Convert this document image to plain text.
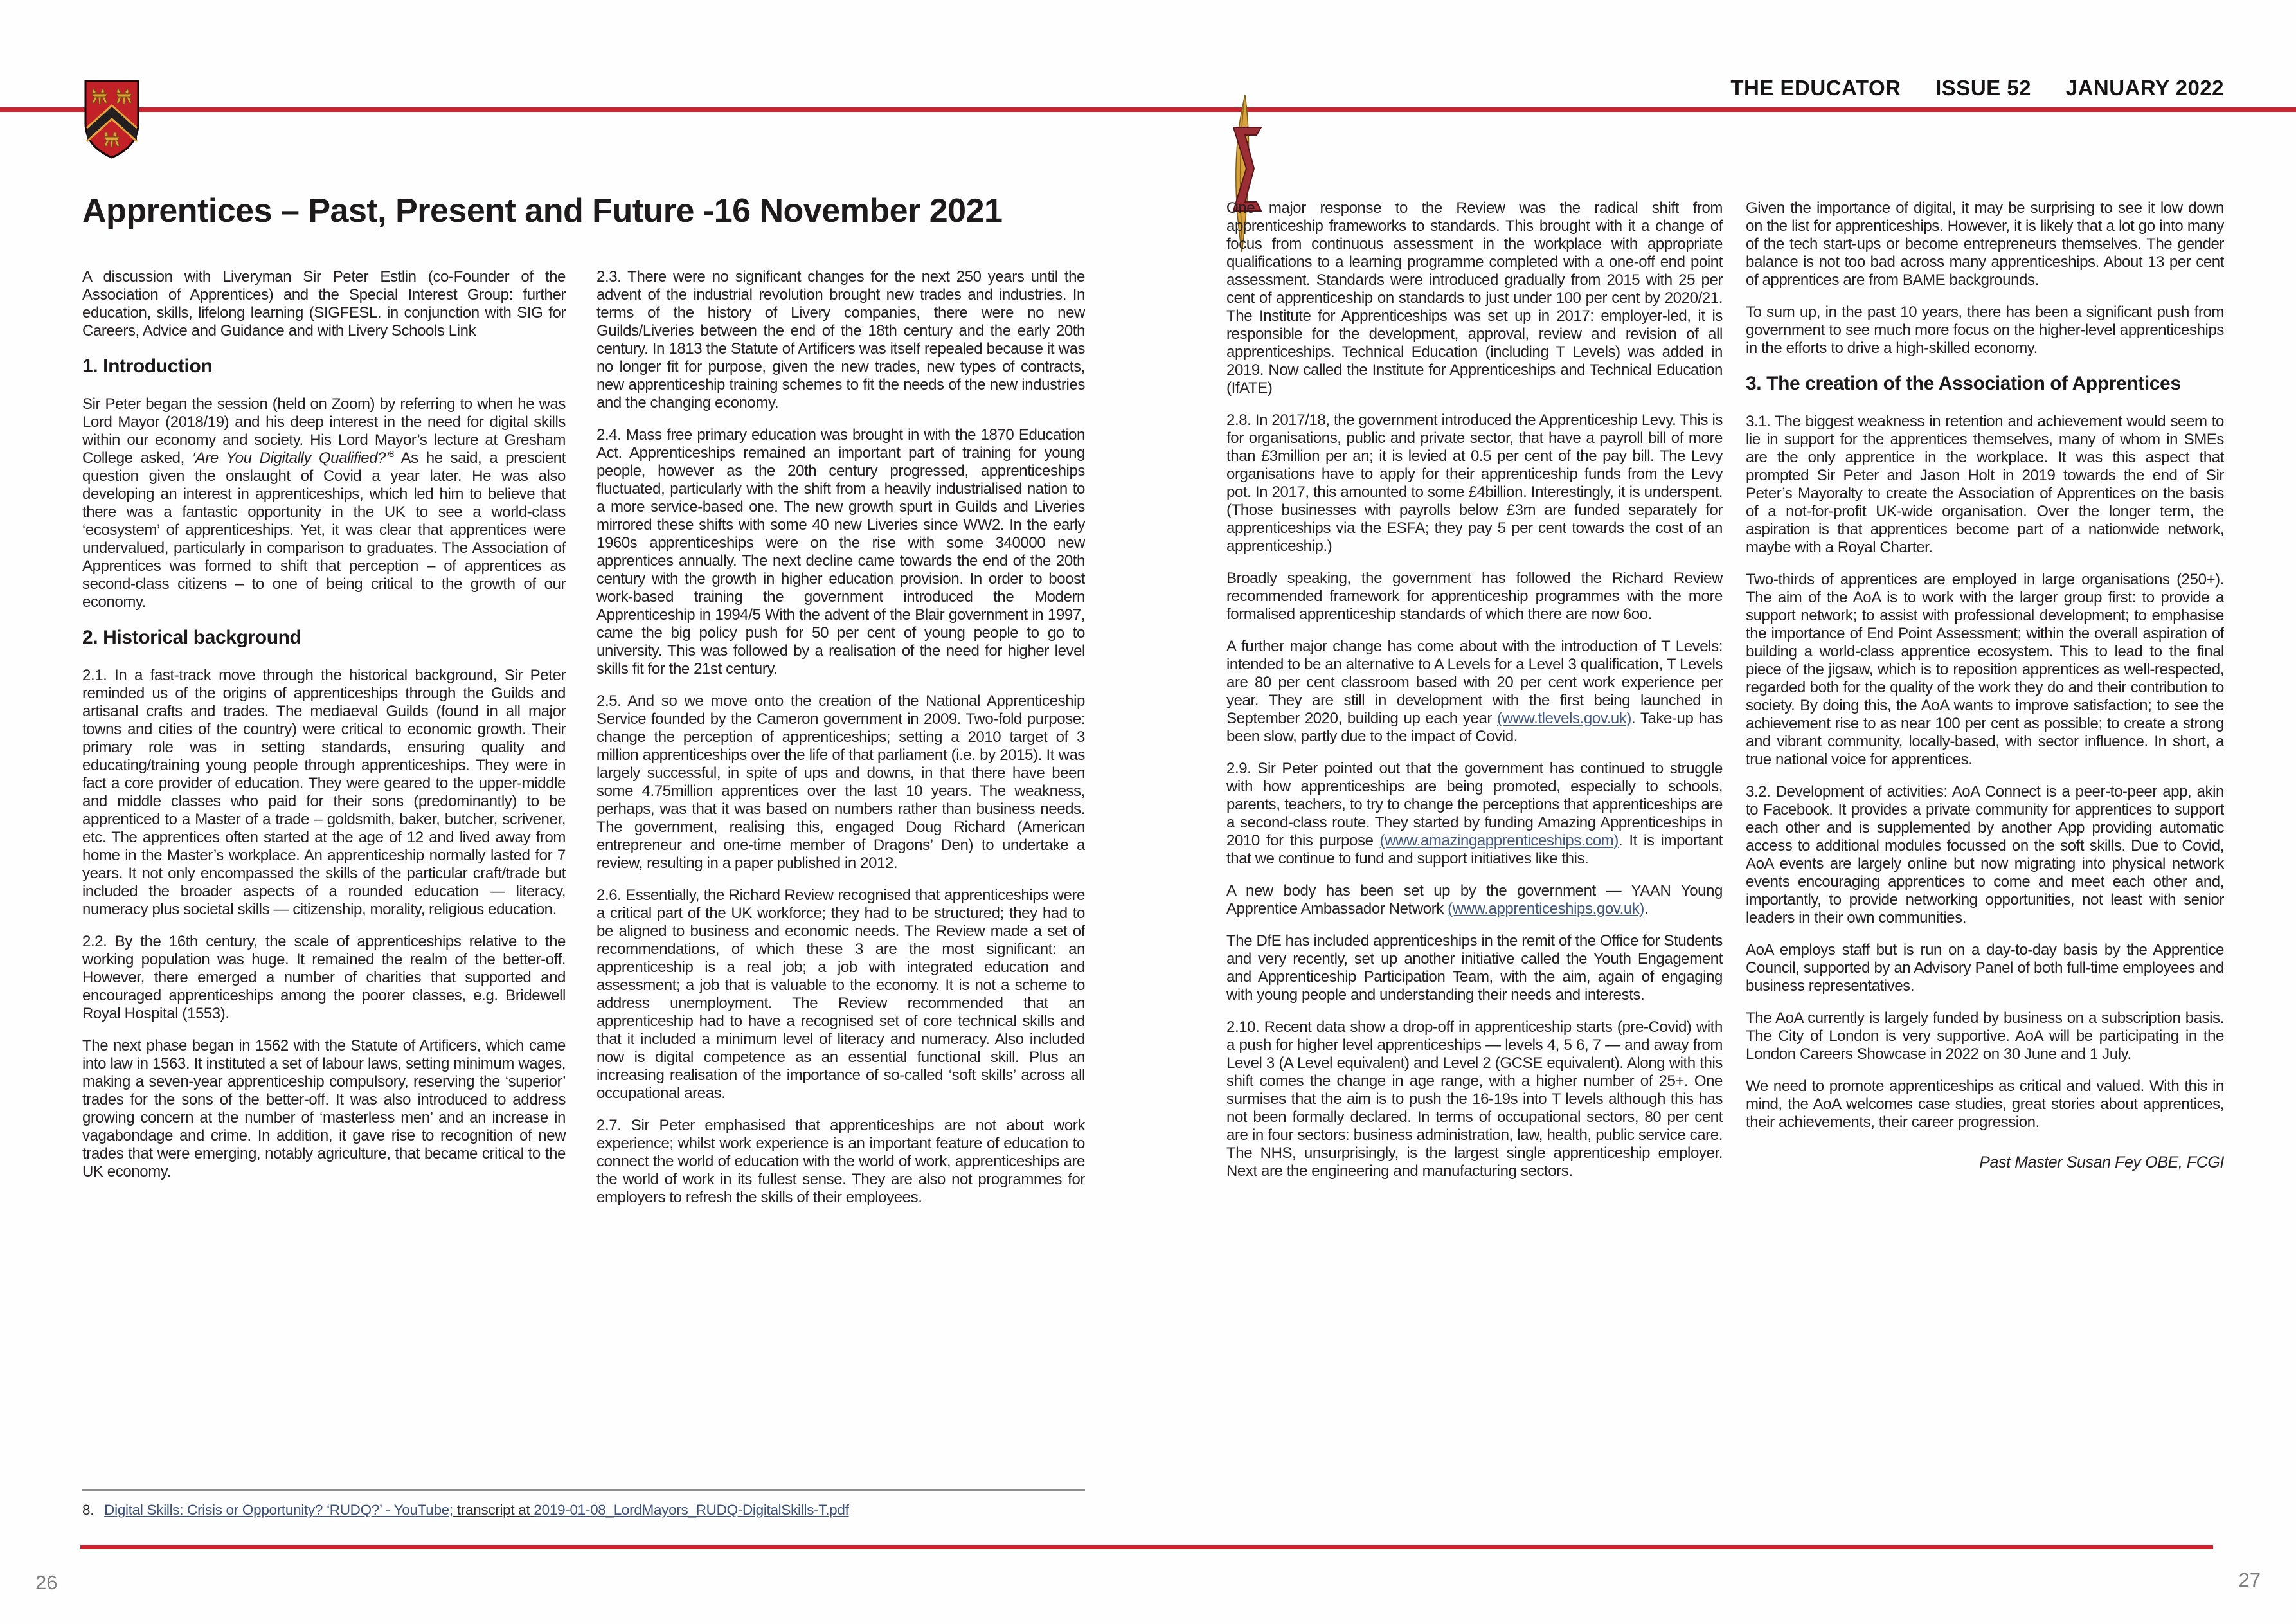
THE EDUCATOR ISSUE 52 JANUARY 2022
Apprentices – Past, Present and Future -16 November 2021

A discussion with Liveryman Sir Peter Estlin (co-Founder of the Association of Apprentices) and the Special Interest Group: further education, skills, lifelong learning (SIGFESL. in conjunction with SIG for Careers, Advice and Guidance and with Livery Schools Link

1. Introduction

Sir Peter began the session (held on Zoom) by referring to when he was Lord Mayor (2018/19) and his deep interest in the need for digital skills within our economy and society. His Lord Mayor’s lecture at Gresham College asked, ‘Are You Digitally Qualified?’$^8$ As he said, a prescient question given the onslaught of Covid a year later. He was also developing an interest in apprenticeships, which led him to believe that there was a fantastic opportunity in the UK to see a world-class ‘ecosystem’ of apprenticeships. Yet, it was clear that apprentices were undervalued, particularly in comparison to graduates. The Association of Apprentices was formed to shift that perception – of apprentices as second-class citizens – to one of being critical to the growth of our economy.

2. Historical background

2.1. In a fast-track move through the historical background, Sir Peter reminded us of the origins of apprenticeships through the Guilds and artisanal crafts and trades. The mediaeval Guilds (found in all major towns and cities of the country) were critical to economic growth. Their primary role was in setting standards, ensuring quality and educating/training young people through apprenticeships. They were in fact a core provider of education. They were geared to the upper-middle and middle classes who paid for their sons (predominantly) to be apprenticed to a Master of a trade – goldsmith, baker, butcher, scrivener, etc. The apprentices often started at the age of 12 and lived away from home in the Master’s workplace. An apprenticeship normally lasted for 7 years. It not only encompassed the skills of the particular craft/trade but included the broader aspects of a rounded education — literacy, numeracy plus societal skills — citizenship, morality, religious education.

2.2. By the 16th century, the scale of apprenticeships relative to the working population was huge. It remained the realm of the better-off. However, there emerged a number of charities that supported and encouraged apprenticeships among the poorer classes, e.g. Bridewell Royal Hospital (1553).

The next phase began in 1562 with the Statute of Artificers, which came into law in 1563. It instituted a set of labour laws, setting minimum wages, making a seven-year apprenticeship compulsory, reserving the ‘superior’ trades for the sons of the better-off. It was also introduced to address growing concern at the number of ‘masterless men’ and an increase in vagabondage and crime. In addition, it gave rise to recognition of new trades that were emerging, notably agriculture, that became critical to the UK economy.

2.3. There were no significant changes for the next 250 years until the advent of the industrial revolution brought new trades and industries. In terms of the history of Livery companies, there were no new Guilds/Liveries between the end of the 18th century and the early 20th century. In 1813 the Statute of Artificers was itself repealed because it was no longer fit for purpose, given the new trades, new types of contracts, new apprenticeship training schemes to fit the needs of the new industries and the changing economy.

2.4. Mass free primary education was brought in with the 1870 Education Act. Apprenticeships remained an important part of training for young people, however as the 20th century progressed, apprenticeships fluctuated, particularly with the shift from a heavily industrialised nation to a more service-based one. The new growth spurt in Guilds and Liveries mirrored these shifts with some 40 new Liveries since WW2. In the early 1960s apprenticeships were on the rise with some 340000 new apprentices annually. The next decline came towards the end of the 20th century with the growth in higher education provision. In order to boost work-based training the government introduced the Modern Apprenticeship in 1994/5 With the advent of the Blair government in 1997, came the big policy push for 50 per cent of young people to go to university. This was followed by a realisation of the need for higher level skills fit for the 21st century.

2.5. And so we move onto the creation of the National Apprenticeship Service founded by the Cameron government in 2009. Two-fold purpose: change the perception of apprenticeships; setting a 2010 target of 3 million apprenticeships over the life of that parliament (i.e. by 2015). It was largely successful, in spite of ups and downs, in that there have been some 4.75million apprentices over the last 10 years. The weakness, perhaps, was that it was based on numbers rather than business needs. The government, realising this, engaged Doug Richard (American entrepreneur and one-time member of Dragons’ Den) to undertake a review, resulting in a paper published in 2012.

2.6. Essentially, the Richard Review recognised that apprenticeships were a critical part of the UK workforce; they had to be structured; they had to be aligned to business and economic needs. The Review made a set of recommendations, of which these 3 are the most significant: an apprenticeship is a real job; a job with integrated education and assessment; a job that is valuable to the economy. It is not a scheme to address unemployment. The Review recommended that an apprenticeship had to have a recognised set of core technical skills and that it included a minimum level of literacy and numeracy. Also included now is digital competence as an essential functional skill. Plus an increasing realisation of the importance of so-called ‘soft skills’ across all occupational areas.

2.7. Sir Peter emphasised that apprenticeships are not about work experience; whilst work experience is an important feature of education to connect the world of education with the world of work, apprenticeships are the world of work in its fullest sense. They are also not programmes for employers to refresh the skills of their employees.

One major response to the Review was the radical shift from apprenticeship frameworks to standards. This brought with it a change of focus from continuous assessment in the workplace with appropriate qualifications to a learning programme completed with a one-off end point assessment. Standards were introduced gradually from 2015 with 25 per cent of apprenticeship on standards to just under 100 per cent by 2020/21. The Institute for Apprenticeships was set up in 2017: employer-led, it is responsible for the development, approval, review and revision of all apprenticeships. Technical Education (including T Levels) was added in 2019. Now called the Institute for Apprenticeships and Technical Education (IfATE)

2.8. In 2017/18, the government introduced the Apprenticeship Levy. This is for organisations, public and private sector, that have a payroll bill of more than £3million per an; it is levied at 0.5 per cent of the pay bill. The Levy organisations have to apply for their apprenticeship funds from the Levy pot. In 2017, this amounted to some £4billion. Interestingly, it is underspent. (Those businesses with payrolls below £3m are funded separately for apprenticeships via the ESFA; they pay 5 per cent towards the cost of an apprenticeship.)

Broadly speaking, the government has followed the Richard Review recommended framework for apprenticeship programmes with the more formalised apprenticeship standards of which there are now 6oo.

A further major change has come about with the introduction of T Levels: intended to be an alternative to A Levels for a Level 3 qualification, T Levels are 80 per cent classroom based with 20 per cent work experience per year. They are still in development with the first being launched in September 2020, building up each year (www.tlevels.gov.uk). Take-up has been slow, partly due to the impact of Covid.

2.9. Sir Peter pointed out that the government has continued to struggle with how apprenticeships are being promoted, especially to schools, parents, teachers, to try to change the perceptions that apprenticeships are a second-class route. They started by funding Amazing Apprenticeships in 2010 for this purpose (www.amazingapprenticeships.com). It is important that we continue to fund and support initiatives like this.

A new body has been set up by the government — YAAN Young Apprentice Ambassador Network (www.apprenticeships.gov.uk).

The DfE has included apprenticeships in the remit of the Office for Students and very recently, set up another initiative called the Youth Engagement and Apprenticeship Participation Team, with the aim, again of engaging with young people and understanding their needs and interests.

2.10. Recent data show a drop-off in apprenticeship starts (pre-Covid) with a push for higher level apprenticeships — levels 4, 5 6, 7 — and away from Level 3 (A Level equivalent) and Level 2 (GCSE equivalent). Along with this shift comes the change in age range, with a higher number of 25+. One surmises that the aim is to push the 16-19s into T levels although this has not been formally declared. In terms of occupational sectors, 80 per cent are in four sectors: business administration, law, health, public service care. The NHS, unsurprisingly, is the largest single apprenticeship employer. Next are the engineering and manufacturing sectors.

Given the importance of digital, it may be surprising to see it low down on the list for apprenticeships. However, it is likely that a lot go into many of the tech start-ups or become entrepreneurs themselves. The gender balance is not too bad across many apprenticeships. About 13 per cent of apprentices are from BAME backgrounds.

To sum up, in the past 10 years, there has been a significant push from government to see much more focus on the higher-level apprenticeships in the efforts to drive a high-skilled economy.

3. The creation of the Association of Apprentices

3.1. The biggest weakness in retention and achievement would seem to lie in support for the apprentices themselves, many of whom in SMEs are the only apprentice in the workplace. It was this aspect that prompted Sir Peter and Jason Holt in 2019 towards the end of Sir Peter’s Mayoralty to create the Association of Apprentices on the basis of a not-for-profit UK-wide organisation. Over the longer term, the aspiration is that apprentices become part of a nationwide network, maybe with a Royal Charter.

Two-thirds of apprentices are employed in large organisations (250+). The aim of the AoA is to work with the larger group first: to provide a support network; to assist with professional development; to emphasise the importance of End Point Assessment; within the overall aspiration of building a world-class apprentice ecosystem. This to lead to the final piece of the jigsaw, which is to reposition apprentices as well-respected, regarded both for the quality of the work they do and their contribution to society. By doing this, the AoA wants to improve satisfaction; to see the achievement rise to as near 100 per cent as possible; to create a strong and vibrant community, locally-based, with sector influence. In short, a true national voice for apprentices.

3.2. Development of activities: AoA Connect is a peer-to-peer app, akin to Facebook. It provides a private community for apprentices to support each other and is supplemented by another App providing automatic access to additional modules focussed on the soft skills. Due to Covid, AoA events are largely online but now migrating into physical network events encouraging apprentices to come and meet each other and, importantly, to provide networking opportunities, not least with senior leaders in their own communities.

AoA employs staff but is run on a day-to-day basis by the Apprentice Council, supported by an Advisory Panel of both full-time employees and business representatives.

The AoA currently is largely funded by business on a subscription basis. The City of London is very supportive. AoA will be participating in the London Careers Showcase in 2022 on 30 June and 1 July.

We need to promote apprenticeships as critical and valued. With this in mind, the AoA welcomes case studies, great stories about apprentices, their achievements, their career progression.

Past Master Susan Fey OBE, FCGI
8. Digital Skills: Crisis or Opportunity? ‘RUDQ?’ - YouTube; transcript at 2019-01-08_LordMayors_RUDQ-DigitalSkills-T.pdf
26	27
